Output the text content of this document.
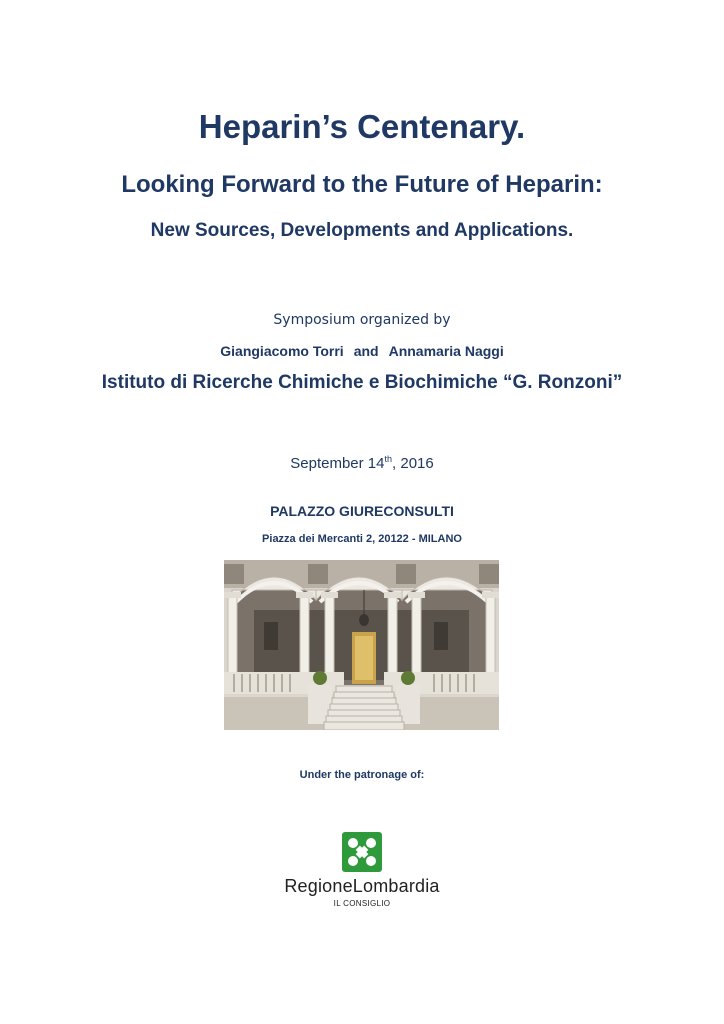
Heparin’s Centenary.
Looking Forward to the Future of Heparin:
New Sources, Developments and Applications.
Symposium organized by
Giangiacomo Torri and Annamaria Naggi
Istituto di Ricerche Chimiche e Biochimiche “G. Ronzoni”
September 14th, 2016
PALAZZO GIURECONSULTI
Piazza dei Mercanti 2, 20122 - MILANO
Under the patronage of:
RegioneLombardia
IL CONSIGLIO
